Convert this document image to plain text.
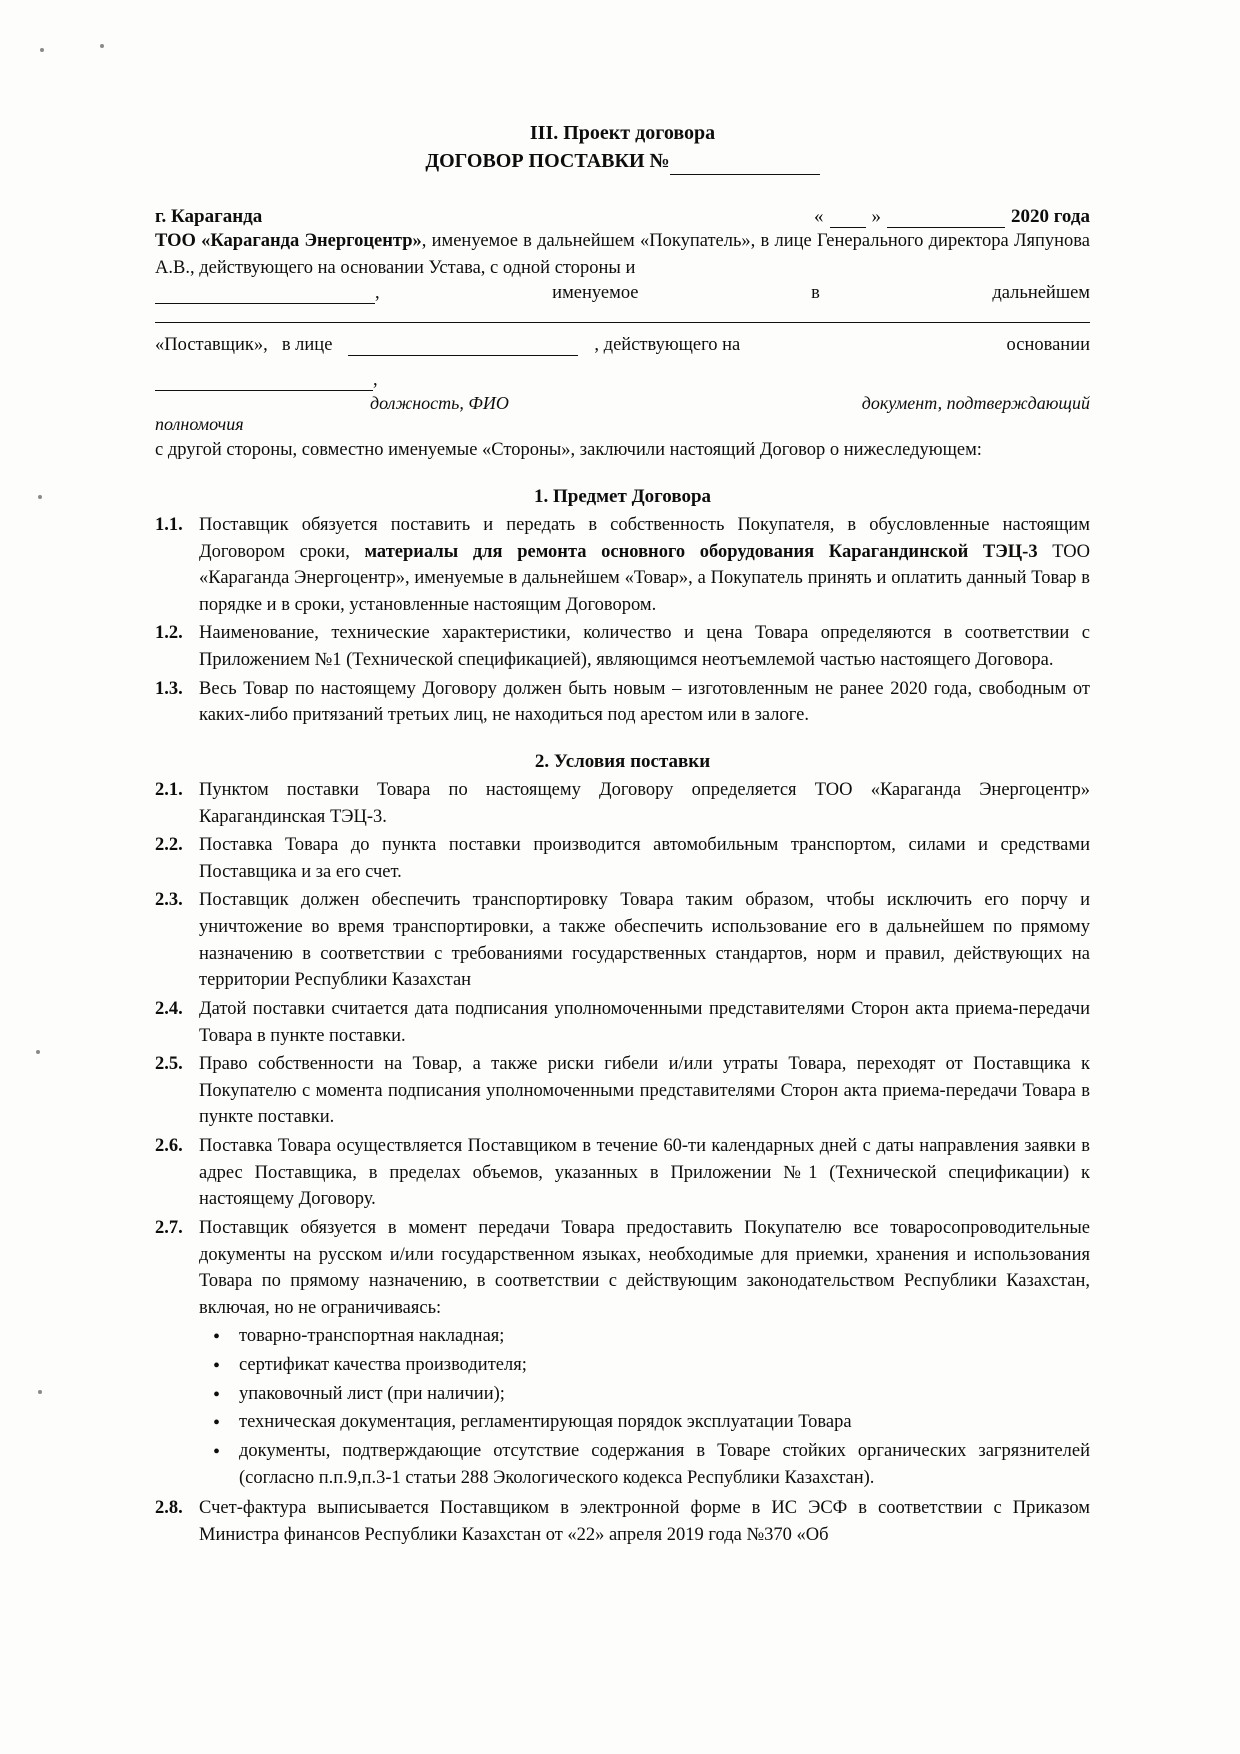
III. Проект договора
ДОГОВОР ПОСТАВКИ №
г. Караганда	«	»	2020 года

ТОО «Караганда Энергоцентр», именуемое в дальнейшем «Покупатель», в лице Генерального директора Ляпунова А.В., действующего на основании Устава, с одной стороны и

,	именуемое	в	дальнейшем
«Поставщик», в лице	, действующего на	основании
,
должность, ФИО	документ, подтверждающий
полномочия

с другой стороны, совместно именуемые «Стороны», заключили настоящий Договор о нижеследующем:

1. Предмет Договора
1.1. Поставщик обязуется поставить и передать в собственность Покупателя, в обусловленные настоящим Договором сроки, материалы для ремонта основного оборудования Карагандинской ТЭЦ-3 ТОО «Караганда Энергоцентр», именуемые в дальнейшем «Товар», а Покупатель принять и оплатить данный Товар в порядке и в сроки, установленные настоящим Договором.
1.2. Наименование, технические характеристики, количество и цена Товара определяются в соответствии с Приложением №1 (Технической спецификацией), являющимся неотъемлемой частью настоящего Договора.
1.3. Весь Товар по настоящему Договору должен быть новым – изготовленным не ранее 2020 года, свободным от каких-либо притязаний третьих лиц, не находиться под арестом или в залоге.
2. Условия поставки
2.1. Пунктом поставки Товара по настоящему Договору определяется ТОО «Караганда Энергоцентр» Карагандинская ТЭЦ-3.
2.2. Поставка Товара до пункта поставки производится автомобильным транспортом, силами и средствами Поставщика и за его счет.
2.3. Поставщик должен обеспечить транспортировку Товара таким образом, чтобы исключить его порчу и уничтожение во время транспортировки, а также обеспечить использование его в дальнейшем по прямому назначению в соответствии с требованиями государственных стандартов, норм и правил, действующих на территории Республики Казахстан
2.4. Датой поставки считается дата подписания уполномоченными представителями Сторон акта приема-передачи Товара в пункте поставки.
2.5. Право собственности на Товар, а также риски гибели и/или утраты Товара, переходят от Поставщика к Покупателю с момента подписания уполномоченными представителями Сторон акта приема-передачи Товара в пункте поставки.
2.6. Поставка Товара осуществляется Поставщиком в течение 60-ти календарных дней с даты направления заявки в адрес Поставщика, в пределах объемов, указанных в Приложении №1 (Технической спецификации) к настоящему Договору.
2.7. Поставщик обязуется в момент передачи Товара предоставить Покупателю все товаросопроводительные документы на русском и/или государственном языках, необходимые для приемки, хранения и использования Товара по прямому назначению, в соответствии с действующим законодательством Республики Казахстан, включая, но не ограничиваясь:
• товарно-транспортная накладная;
• сертификат качества производителя;
• упаковочный лист (при наличии);
• техническая документация, регламентирующая порядок эксплуатации Товара
• документы, подтверждающие отсутствие содержания в Товаре стойких органических загрязнителей (согласно п.п.9,п.3-1 статьи 288 Экологического кодекса Республики Казахстан).
2.8. Счет-фактура выписывается Поставщиком в электронной форме в ИС ЭСФ в соответствии с Приказом Министра финансов Республики Казахстан от «22» апреля 2019 года №370 «Об
